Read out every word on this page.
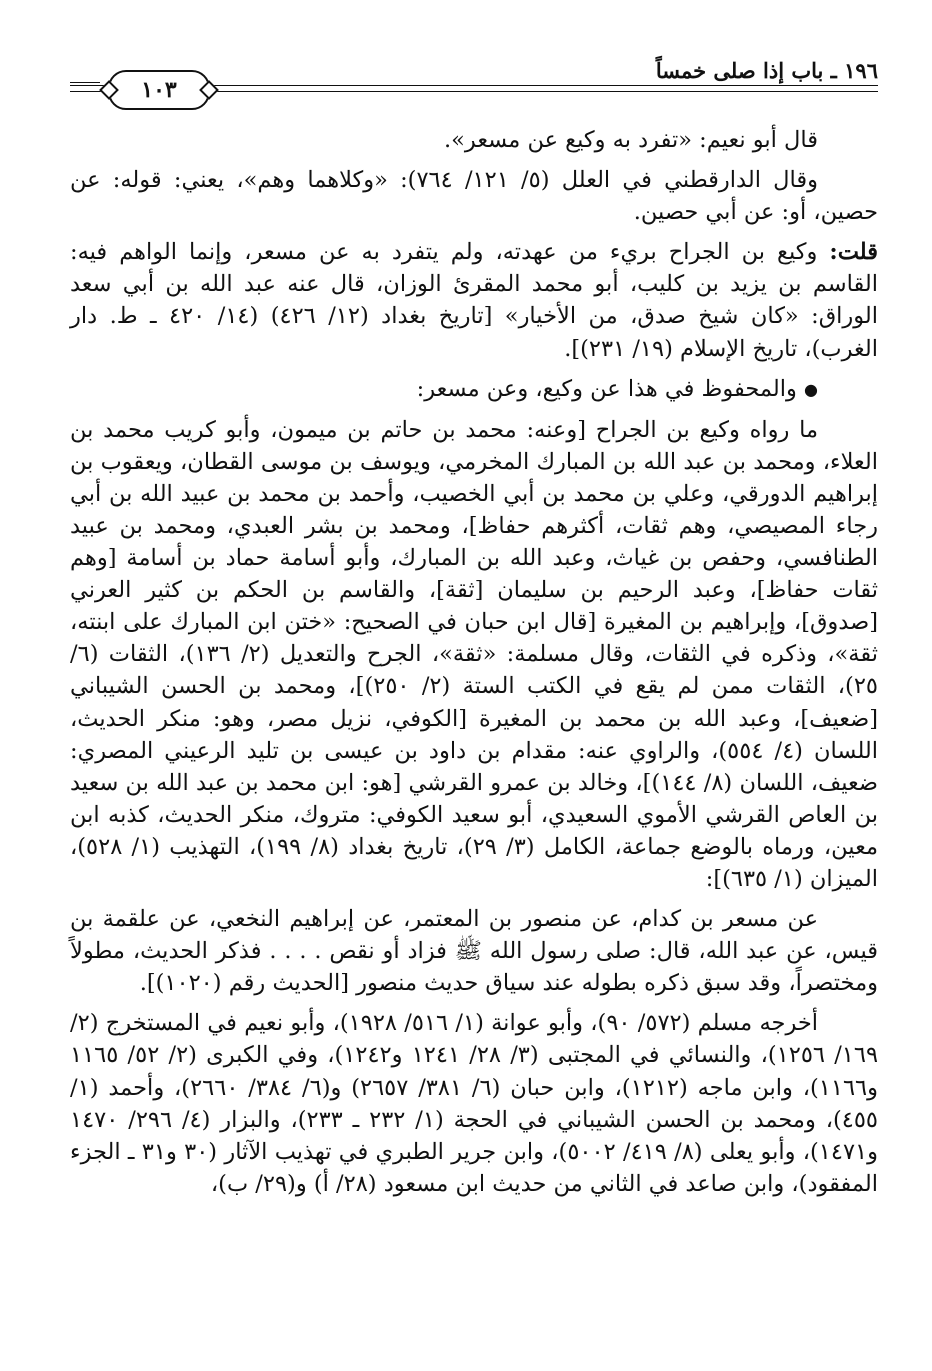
١٠٣
١٩٦ ـ باب إذا صلى خمساً

قال أبو نعيم: «تفرد به وكيع عن مسعر».

وقال الدارقطني في العلل (٥/ ١٢١/ ٧٦٤): «وكلاهما وهم»، يعني: قوله: عن حصين، أو: عن أبي حصين.

قلت: وكيع بن الجراح بريء من عهدته، ولم يتفرد به عن مسعر، وإنما الواهم فيه: القاسم بن يزيد بن كليب، أبو محمد المقرئ الوزان، قال عنه عبد الله بن أبي سعد الوراق: «كان شيخ صدق، من الأخيار» [تاريخ بغداد (١٢/ ٤٢٦) (١٤/ ٤٢٠ ـ ط. دار الغرب)، تاريخ الإسلام (١٩/ ٢٣١)].

● والمحفوظ في هذا عن وكيع، وعن مسعر:

ما رواه وكيع بن الجراح [وعنه: محمد بن حاتم بن ميمون، وأبو كريب محمد بن العلاء، ومحمد بن عبد الله بن المبارك المخرمي، ويوسف بن موسى القطان، ويعقوب بن إبراهيم الدورقي، وعلي بن محمد بن أبي الخصيب، وأحمد بن محمد بن عبيد الله بن أبي رجاء المصيصي، وهم ثقات، أكثرهم حفاظ]، ومحمد بن بشر العبدي، ومحمد بن عبيد الطنافسي، وحفص بن غياث، وعبد الله بن المبارك، وأبو أسامة حماد بن أسامة [وهم ثقات حفاظ]، وعبد الرحيم بن سليمان [ثقة]، والقاسم بن الحكم بن كثير العرني [صدوق]، وإبراهيم بن المغيرة [قال ابن حبان في الصحيح: «ختن ابن المبارك على ابنته، ثقة»، وذكره في الثقات، وقال مسلمة: «ثقة»، الجرح والتعديل (٢/ ١٣٦)، الثقات (٦/ ٢٥)، الثقات ممن لم يقع في الكتب الستة (٢/ ٢٥٠)]، ومحمد بن الحسن الشيباني [ضعيف]، وعبد الله بن محمد بن المغيرة [الكوفي، نزيل مصر، وهو: منكر الحديث، اللسان (٤/ ٥٥٤)، والراوي عنه: مقدام بن داود بن عيسى بن تليد الرعيني المصري: ضعيف، اللسان (٨/ ١٤٤)]، وخالد بن عمرو القرشي [هو: ابن محمد بن عبد الله بن سعيد بن العاص القرشي الأموي السعيدي، أبو سعيد الكوفي: متروك، منكر الحديث، كذبه ابن معين، ورماه بالوضع جماعة، الكامل (٣/ ٢٩)، تاريخ بغداد (٨/ ١٩٩)، التهذيب (١/ ٥٢٨)، الميزان (١/ ٦٣٥)]:

عن مسعر بن كدام، عن منصور بن المعتمر، عن إبراهيم النخعي، عن علقمة بن قيس، عن عبد الله، قال: صلى رسول الله ﷺ فزاد أو نقص . . . . فذكر الحديث، مطولاً ومختصراً، وقد سبق ذكره بطوله عند سياق حديث منصور [الحديث رقم (١٠٢٠)].

أخرجه مسلم (٥٧٢/ ٩٠)، وأبو عوانة (١/ ٥١٦/ ١٩٢٨)، وأبو نعيم في المستخرج (٢/ ١٦٩/ ١٢٥٦)، والنسائي في المجتبى (٣/ ٢٨/ ١٢٤١ و١٢٤٢)، وفي الكبرى (٢/ ٥٢/ ١١٦٥ و١١٦٦)، وابن ماجه (١٢١٢)، وابن حبان (٦/ ٣٨١/ ٢٦٥٧) و(٦/ ٣٨٤/ ٢٦٦٠)، وأحمد (١/ ٤٥٥)، ومحمد بن الحسن الشيباني في الحجة (١/ ٢٣٢ ـ ٢٣٣)، والبزار (٤/ ٢٩٦/ ١٤٧٠ و١٤٧١)، وأبو يعلى (٨/ ٤١٩/ ٥٠٠٢)، وابن جرير الطبري في تهذيب الآثار (٣٠ و٣١ ـ الجزء المفقود)، وابن صاعد في الثاني من حديث ابن مسعود (٢٨/ أ) و(٢٩/ ب)،
